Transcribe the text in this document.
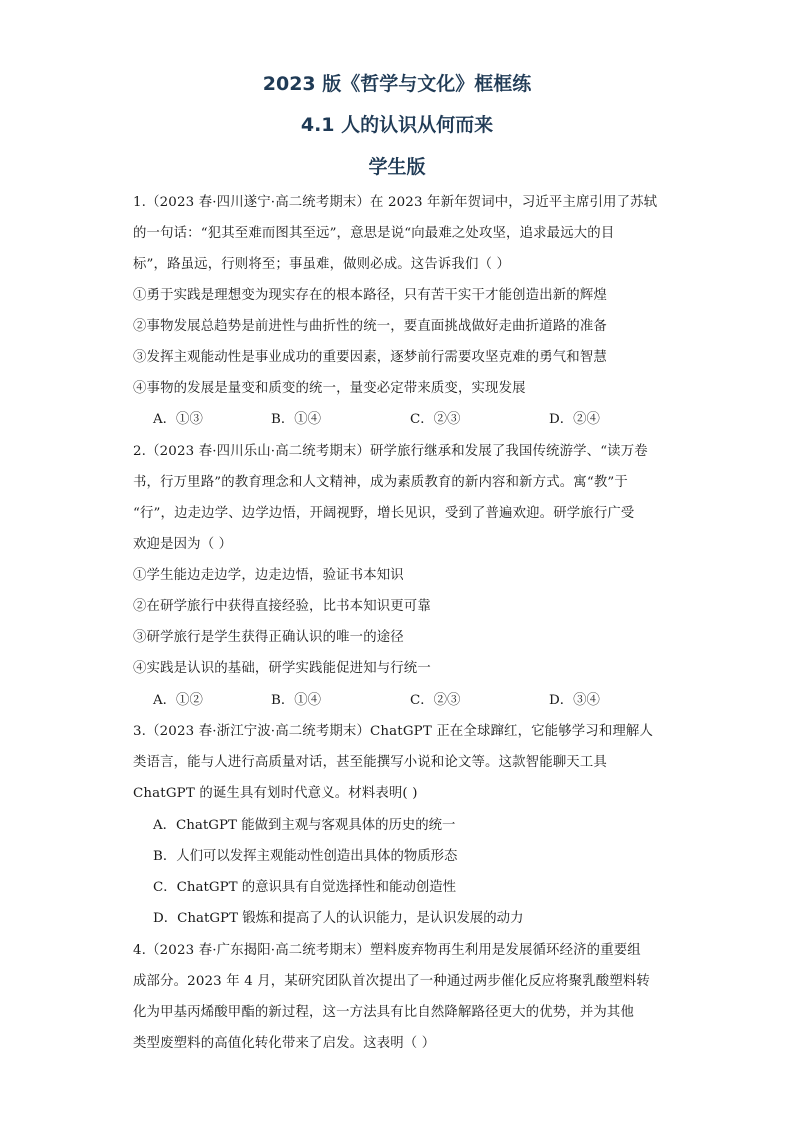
2023 版《哲学与文化》框框练
4.1 人的认识从何而来
学生版
1.（2023 春·四川遂宁·高二统考期末）在 2023 年新年贺词中，习近平主席引用了苏轼
的一句话：“犯其至难而图其至远”，意思是说“向最难之处攻坚，追求最远大的目
标”，路虽远，行则将至；事虽难，做则必成。这告诉我们（ ）
①勇于实践是理想变为现实存在的根本路径，只有苦干实干才能创造出新的辉煌
②事物发展总趋势是前进性与曲折性的统一，要直面挑战做好走曲折道路的准备
③发挥主观能动性是事业成功的重要因素，逐梦前行需要攻坚克难的勇气和智慧
④事物的发展是量变和质变的统一，量变必定带来质变，实现发展
A．①③	B．①④	C．②③	D．②④
2.（2023 春·四川乐山·高二统考期末）研学旅行继承和发展了我国传统游学、“读万卷
书，行万里路”的教育理念和人文精神，成为素质教育的新内容和新方式。寓“教”于
“行”，边走边学、边学边悟，开阔视野，增长见识，受到了普遍欢迎。研学旅行广受
欢迎是因为（ ）
①学生能边走边学，边走边悟，验证书本知识
②在研学旅行中获得直接经验，比书本知识更可靠
③研学旅行是学生获得正确认识的唯一的途径
④实践是认识的基础，研学实践能促进知与行统一
A．①②	B．①④	C．②③	D．③④
3.（2023 春·浙江宁波·高二统考期末）ChatGPT 正在全球蹿红，它能够学习和理解人
类语言，能与人进行高质量对话，甚至能撰写小说和论文等。这款智能聊天工具
ChatGPT 的诞生具有划时代意义。材料表明( )
A．ChatGPT 能做到主观与客观具体的历史的统一
B．人们可以发挥主观能动性创造出具体的物质形态
C．ChatGPT 的意识具有自觉选择性和能动创造性
D．ChatGPT 锻炼和提高了人的认识能力，是认识发展的动力
4.（2023 春·广东揭阳·高二统考期末）塑料废弃物再生利用是发展循环经济的重要组
成部分。2023 年 4 月，某研究团队首次提出了一种通过两步催化反应将聚乳酸塑料转
化为甲基丙烯酸甲酯的新过程，这一方法具有比自然降解路径更大的优势，并为其他
类型废塑料的高值化转化带来了启发。这表明（ ）
